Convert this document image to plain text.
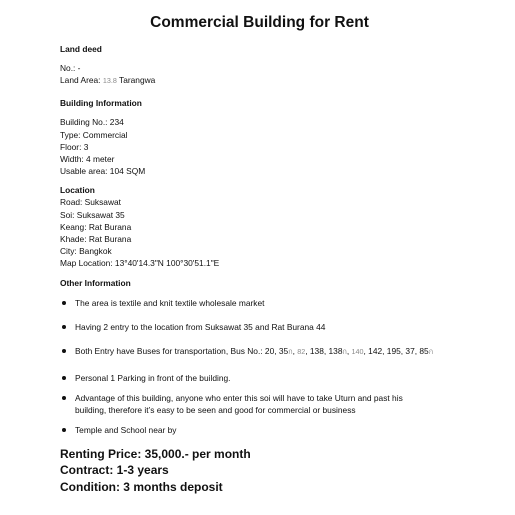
Commercial Building for Rent
Land deed
No.: -
Land Area: 13.8 Tarangwa
Building Information
Building No.: 234
Type: Commercial
Floor: 3
Width: 4 meter
Usable area: 104 SQM
Location
Road: Suksawat
Soi: Suksawat 35
Keang: Rat Burana
Khade: Rat Burana
City: Bangkok
Map Location: 13°40'14.3"N 100°30'51.1"E
Other Information
The area is textile and knit textile wholesale market
Having 2 entry to the location from Suksawat 35 and Rat Burana 44
Both Entry have Buses for transportation, Bus No.: 20, 35ก, 82, 138, 138ก, 140, 142, 195, 37, 85ก
Personal 1 Parking in front of the building.
Advantage of this building, anyone who enter this soi will have to take Uturn and past his
building, therefore it’s easy to be seen and good for commercial or business
Temple and School near by
Renting Price: 35,000.- per month
Contract: 1-3 years
Condition: 3 months deposit
